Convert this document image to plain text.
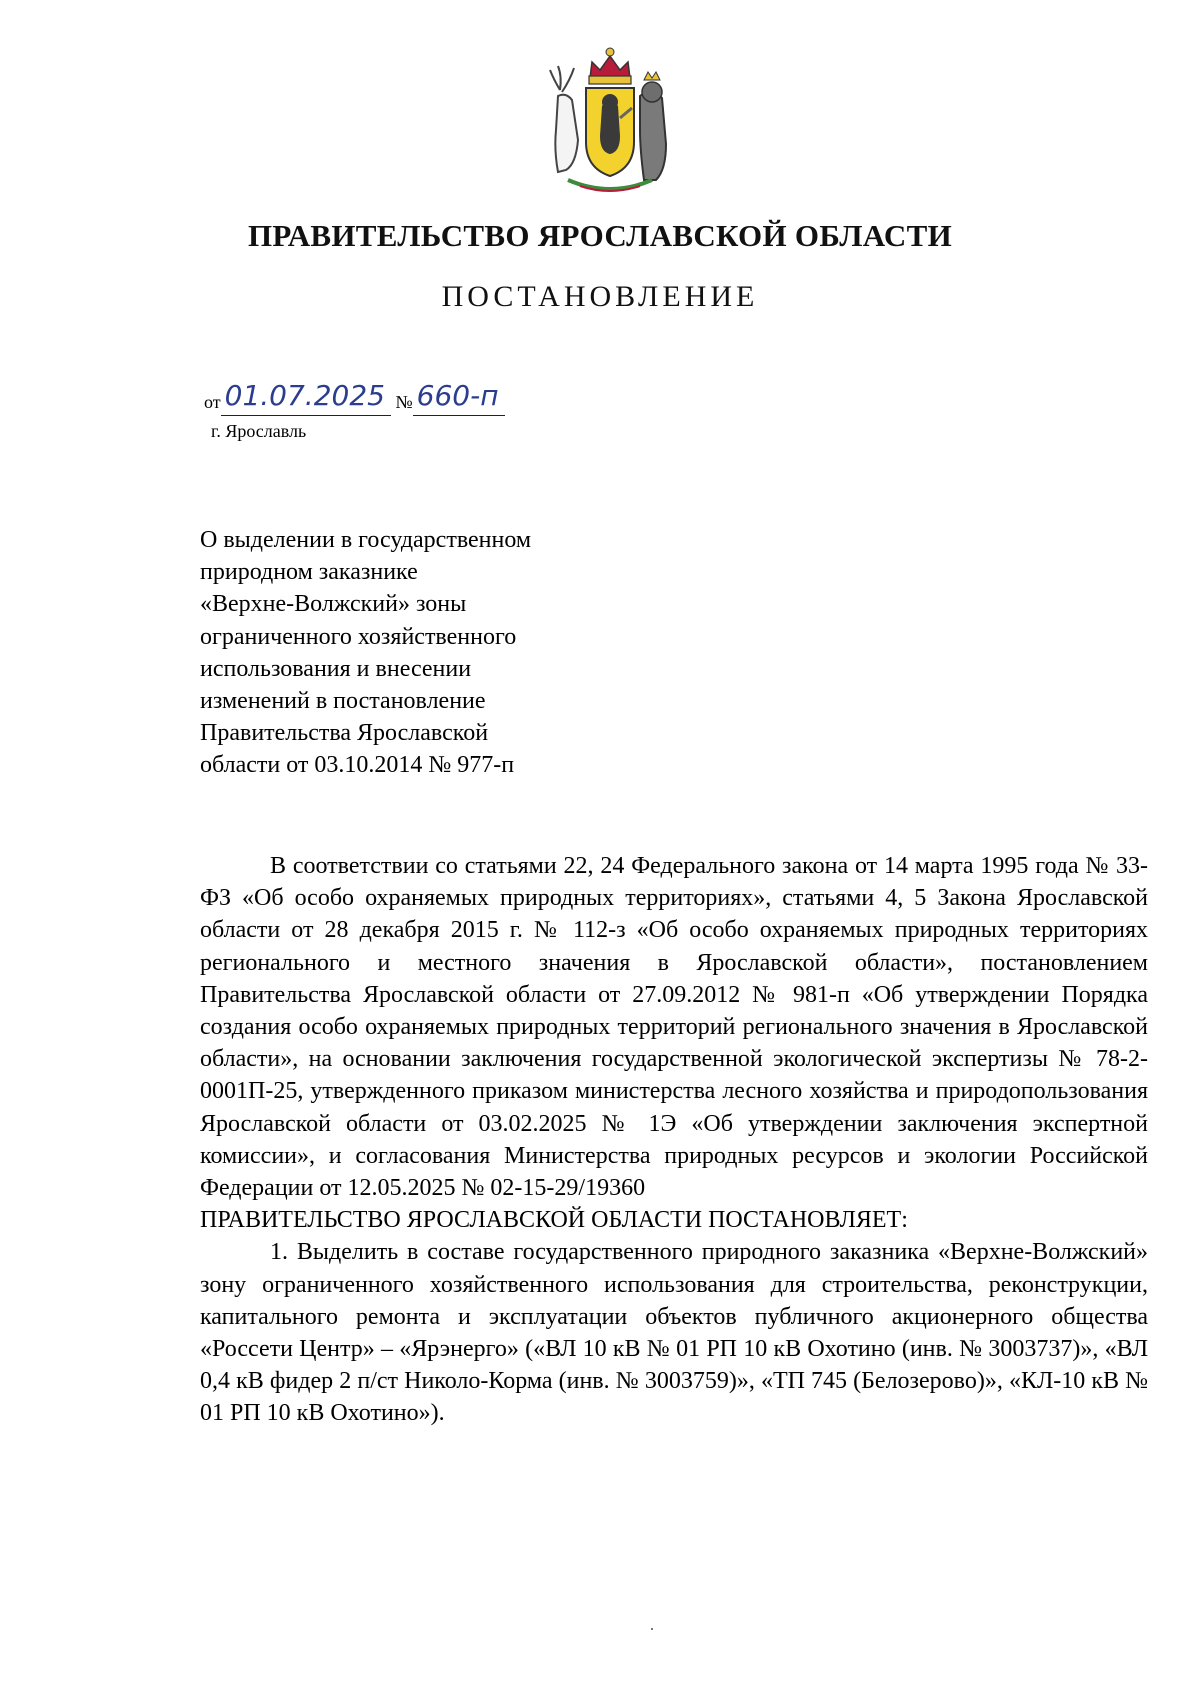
ПРАВИТЕЛЬСТВО ЯРОСЛАВСКОЙ ОБЛАСТИ
ПОСТАНОВЛЕНИЕ
от 01.07.2025 № 660-п
г. Ярославль
О выделении в государственном
природном заказнике
«Верхне-Волжский» зоны
ограниченного хозяйственного
использования и внесении
изменений в постановление
Правительства Ярославской
области от 03.10.2014 № 977-п

В соответствии со статьями 22, 24 Федерального закона от 14 марта 1995 года № 33-ФЗ «Об особо охраняемых природных территориях», статьями 4, 5 Закона Ярославской области от 28 декабря 2015 г. № 112-з «Об особо охраняемых природных территориях регионального и местного значения в Ярославской области», постановлением Правительства Ярославской области от 27.09.2012 № 981-п «Об утверждении Порядка создания особо охраняемых природных территорий регионального значения в Ярославской области», на основании заключения государственной экологической экспертизы № 78-2-0001П-25, утвержденного приказом министерства лесного хозяйства и природопользования Ярославской области от 03.02.2025 № 1Э «Об утверждении заключения экспертной комиссии», и согласования Министерства природных ресурсов и экологии Российской Федерации от 12.05.2025 № 02-15-29/19360

ПРАВИТЕЛЬСТВО ЯРОСЛАВСКОЙ ОБЛАСТИ ПОСТАНОВЛЯЕТ:

1. Выделить в составе государственного природного заказника «Верхне-Волжский» зону ограниченного хозяйственного использования для строительства, реконструкции, капитального ремонта и эксплуатации объектов публичного акционерного общества «Россети Центр» – «Ярэнерго» («ВЛ 10 кВ № 01 РП 10 кВ Охотино (инв. № 3003737)», «ВЛ 0,4 кВ фидер 2 п/ст Николо-Корма (инв. № 3003759)», «ТП 745 (Белозерово)», «КЛ-10 кВ № 01 РП 10 кВ Охотино»).
